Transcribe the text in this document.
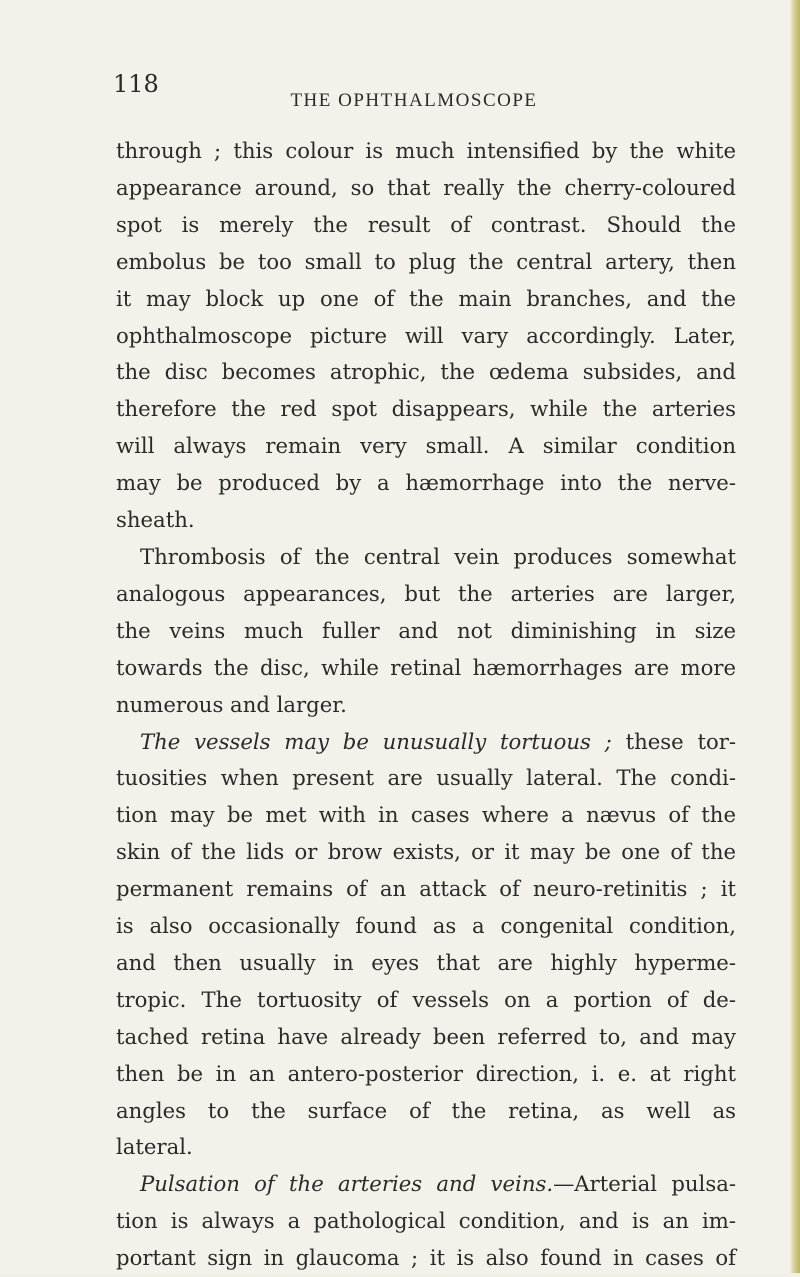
118
THE OPHTHALMOSCOPE
through ; this colour is much intensified by the white
appearance around, so that really the cherry-coloured
spot is merely the result of contrast. Should the
embolus be too small to plug the central artery, then
it may block up one of the main branches, and the
ophthalmoscope picture will vary accordingly. Later,
the disc becomes atrophic, the œdema subsides, and
therefore the red spot disappears, while the arteries
will always remain very small. A similar condition
may be produced by a hæmorrhage into the nerve-
sheath.
Thrombosis of the central vein produces somewhat
analogous appearances, but the arteries are larger,
the veins much fuller and not diminishing in size
towards the disc, while retinal hæmorrhages are more
numerous and larger.
The vessels may be unusually tortuous ; these tor-
tuosities when present are usually lateral. The condi-
tion may be met with in cases where a nævus of the
skin of the lids or brow exists, or it may be one of the
permanent remains of an attack of neuro-retinitis ; it
is also occasionally found as a congenital condition,
and then usually in eyes that are highly hyperme-
tropic. The tortuosity of vessels on a portion of de-
tached retina have already been referred to, and may
then be in an antero-posterior direction, i. e. at right
angles to the surface of the retina, as well as
lateral.
Pulsation of the arteries and veins.—Arterial pulsa-
tion is always a pathological condition, and is an im-
portant sign in glaucoma ; it is also found in cases of
